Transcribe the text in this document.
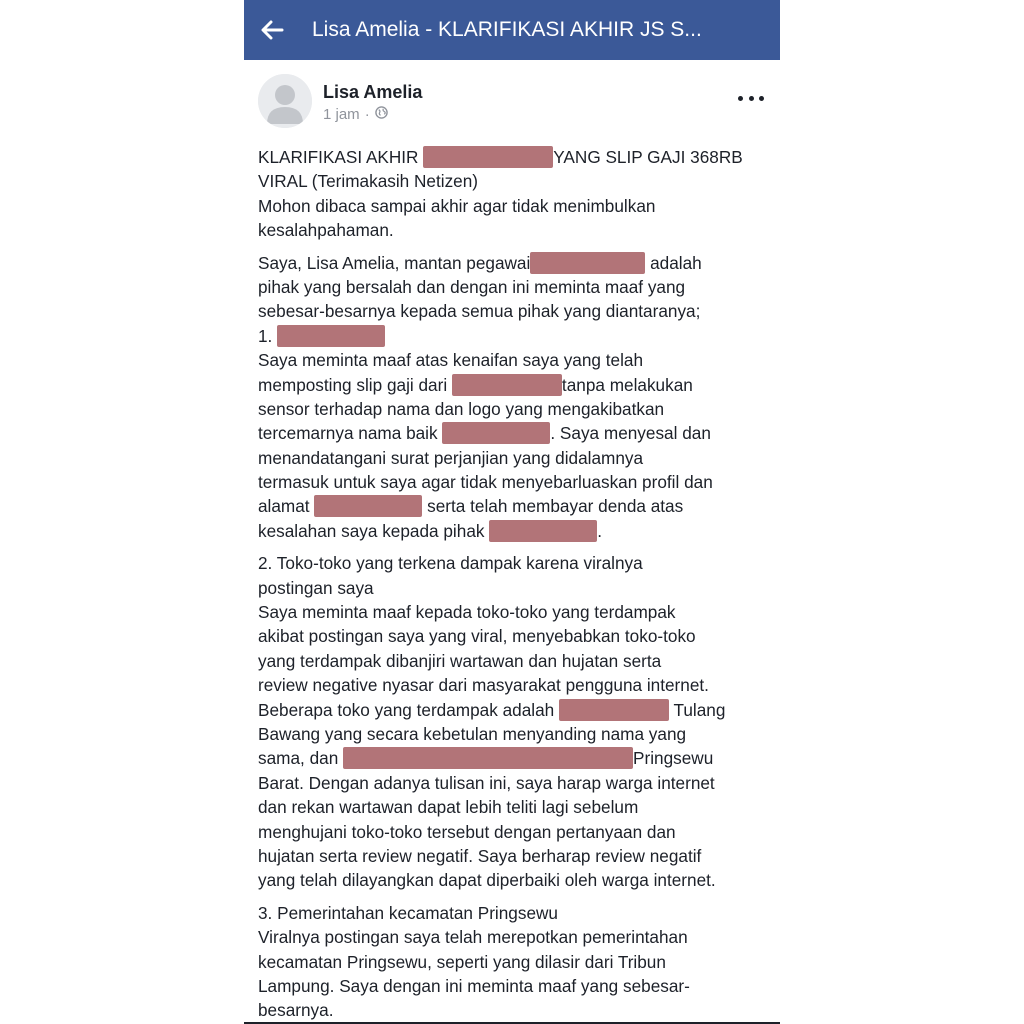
Lisa Amelia - KLARIFIKASI AKHIR JS S...
Lisa Amelia
1 jam ·
KLARIFIKASI AKHIR	YANG SLIP GAJI 368RB
VIRAL (Terimakasih Netizen)
Mohon dibaca sampai akhir agar tidak menimbulkan
kesalahpahaman.
Saya, Lisa Amelia, mantan pegawai	adalah
pihak yang bersalah dan dengan ini meminta maaf yang
sebesar-besarnya kepada semua pihak yang diantaranya;
1.
Saya meminta maaf atas kenaifan saya yang telah
memposting slip gaji dari	tanpa melakukan
sensor terhadap nama dan logo yang mengakibatkan
tercemarnya nama baik	. Saya menyesal dan
menandatangani surat perjanjian yang didalamnya
termasuk untuk saya agar tidak menyebarluaskan profil dan
alamat	serta telah membayar denda atas
kesalahan saya kepada pihak	.
2. Toko-toko yang terkena dampak karena viralnya
postingan saya
Saya meminta maaf kepada toko-toko yang terdampak
akibat postingan saya yang viral, menyebabkan toko-toko
yang terdampak dibanjiri wartawan dan hujatan serta
review negative nyasar dari masyarakat pengguna internet.
Beberapa toko yang terdampak adalah	Tulang
Bawang yang secara kebetulan menyanding nama yang
sama, dan	Pringsewu
Barat. Dengan adanya tulisan ini, saya harap warga internet
dan rekan wartawan dapat lebih teliti lagi sebelum
menghujani toko-toko tersebut dengan pertanyaan dan
hujatan serta review negatif. Saya berharap review negatif
yang telah dilayangkan dapat diperbaiki oleh warga internet.
3. Pemerintahan kecamatan Pringsewu
Viralnya postingan saya telah merepotkan pemerintahan
kecamatan Pringsewu, seperti yang dilasir dari Tribun
Lampung. Saya dengan ini meminta maaf yang sebesar-
besarnya.
